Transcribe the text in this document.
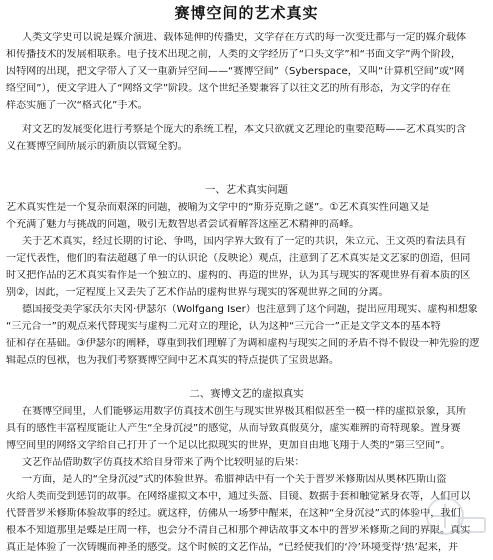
赛博空间的艺术真实
人类文学史可以说是媒介演进、载体延伸的传播史，文学存在方式的每一次变迁都与一定的媒介载体
和传播技术的发展相联系。电子技术出现之前，人类的文学经历了“口头文学”和“书面文学”两个阶段，
因特网的出现，把文学带入了又一重新异空间——“赛博空间”（Syberspace，又叫“计算机空间”或“网
络空间”），使文学进入了“网络文学”阶段。这个世纪圣婴兼容了以往文艺的所有形态，为文学的存在
样态实施了一次“格式化”手术。
对文艺的发展变化进行考察是个庞大的系统工程，本文只欲就文艺理论的重要范畴——艺术真实的含
义在赛博空间所展示的新质以管窥全豹。
一、艺术真实问题
艺术真实性是一个复杂而艰深的问题，被喻为文学中的“斯芬克斯之谜”。①艺术真实性问题又是
个充满了魅力与挑战的问题，吸引无数智思者尝试着解答这座艺术精神的高峰。
关于艺术真实，经过长期的讨论、争鸣，国内学界大致有了一定的共识，朱立元、王文英的看法具有
一定代表性，他们的看法超越了单一的认识论（反映论）观点，注意到了艺术真实是文艺家的创造，但同
时又把作品的艺术真实看作是一个独立的、虚构的、再造的世界，认为其与现实的客观世界有着本质的区
别②，因此，一定程度上又丢失了艺术作品的虚构世界与现实的客观世界之间的分离。
德国接受美学家沃尔夫冈·伊瑟尔（Wolfgang Iser）也注意到了这个问题，提出应用现实、虚构和想象
“三元合一”的观点来代替现实与虚构二元对立的理论，认为这种“三元合一”正是文学文本的基本特
征和存在基础。③伊瑟尔的阐释，尊重到我们理解了为调和虚构与现实之间的矛盾不得不假设一种先验的逻
辑起点的包袱，也为我们考察赛博空间中艺术真实的特点提供了宝贵思路。
二、赛博文艺的虚拟真实
在赛博空间里，人们能够运用数字仿真技术创生与现实世界极其相似甚至一模一样的虚拟景象，其所
具有的感性丰富程度能让人产生“全身沉浸”的感觉，从而导致真假莫分，虚实难辨的奇特现象。置身赛
博空间里的网络文学给自己打开了一个足以比拟现实的世界，更加自由地飞翔于人类的“第三空间”。
文艺作品借助数字仿真技术给自身带来了两个比较明显的后果：
一方面，是人的“全身沉浸”式的体验世界。希腊神话中有一个关于普罗米修斯因从奥林匹斯山盗
火给人类而受到惩罚的故事。在网络虚拟文本中，通过头盔、目镜、数据手套和触觉紧身衣等，人们可以
代替普罗米修斯体验故事的经过。就这样，仿佛从一场梦中醒来，在这种“全身沉浸”式的体验中，我们
根本不知道那里是蝶是庄周一样，也会分不清自己和那个神话故事文本中的普罗米修斯之间的界限。真实
真正是体验了一次铸魄而神圣的感受。这个时候的文艺作品，“已经使我们的‘冷’环境变得‘热’起来，并
